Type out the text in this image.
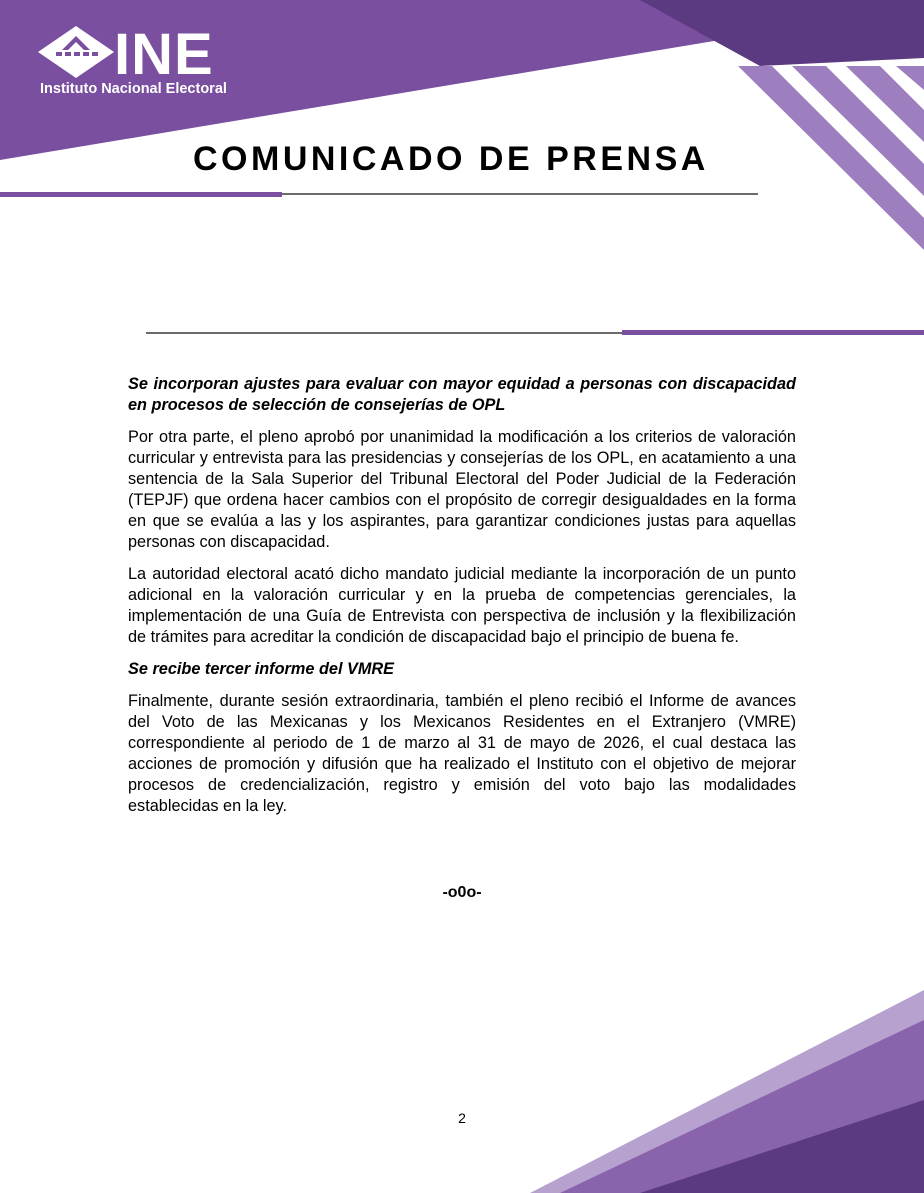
INE
Instituto Nacional Electoral
COMUNICADO DE PRENSA

Se incorporan ajustes para evaluar con mayor equidad a personas con discapacidad en procesos de selección de consejerías de OPL

Por otra parte, el pleno aprobó por unanimidad la modificación a los criterios de valoración curricular y entrevista para las presidencias y consejerías de los OPL, en acatamiento a una sentencia de la Sala Superior del Tribunal Electoral del Poder Judicial de la Federación (TEPJF) que ordena hacer cambios con el propósito de corregir desigualdades en la forma en que se evalúa a las y los aspirantes, para garantizar condiciones justas para aquellas personas con discapacidad.

La autoridad electoral acató dicho mandato judicial mediante la incorporación de un punto adicional en la valoración curricular y en la prueba de competencias gerenciales, la implementación de una Guía de Entrevista con perspectiva de inclusión y la flexibilización de trámites para acreditar la condición de discapacidad bajo el principio de buena fe.

Se recibe tercer informe del VMRE

Finalmente, durante sesión extraordinaria, también el pleno recibió el Informe de avances del Voto de las Mexicanas y los Mexicanos Residentes en el Extranjero (VMRE) correspondiente al periodo de 1 de marzo al 31 de mayo de 2026, el cual destaca las acciones de promoción y difusión que ha realizado el Instituto con el objetivo de mejorar procesos de credencialización, registro y emisión del voto bajo las modalidades establecidas en la ley.

-o0o-
2
